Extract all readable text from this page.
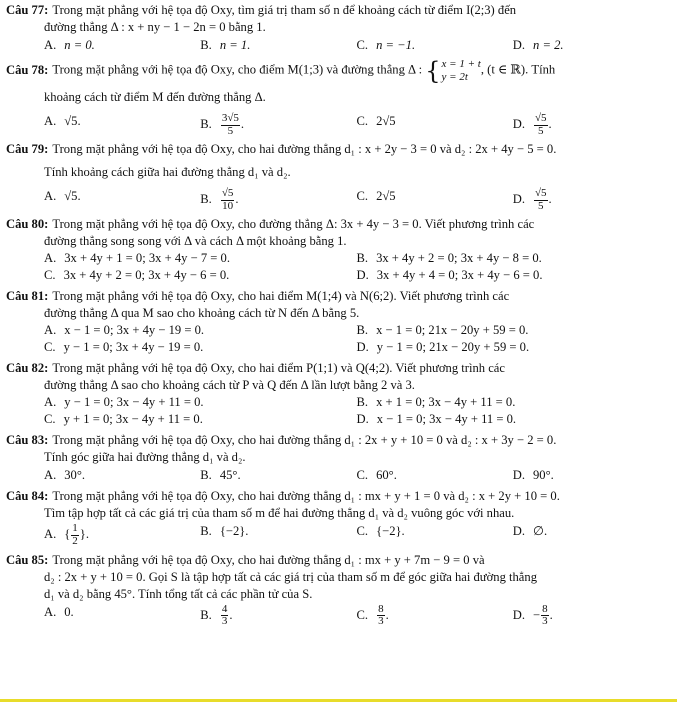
Câu 77: Trong mặt phẳng với hệ tọa độ Oxy, tìm giá trị tham số n để khoảng cách từ điểm I(2;3) đến
đường thẳng Δ : x + ny − 1 − 2n = 0 bằng 1.
A. n = 0.	B. n = 1.	C. n = −1.	D. n = 2.
Câu 78: Trong mặt phẳng với hệ tọa độ Oxy, cho điểm M(1;3) và đường thẳng Δ : { x = 1 + t
y = 2t
, (t ∈ ℝ). Tính
khoảng cách từ điểm M đến đường thẳng Δ.
A. √5.	B. $\frac{3√5}{5}$ .	C. 2√5	D. $\frac{√5}{5}$ .
Câu 79: Trong mặt phẳng với hệ tọa độ Oxy, cho hai đường thẳng d₁ : x + 2y − 3 = 0 và d₂ : 2x + 4y − 5 = 0.
Tính khoảng cách giữa hai đường thẳng d₁ và d₂.
A. √5.	B. $\frac{√5}{10}$ .	C. 2√5	D. $\frac{√5}{5}$ .
Câu 80: Trong mặt phẳng với hệ tọa độ Oxy, cho đường thẳng Δ: 3x + 4y − 3 = 0. Viết phương trình các
đường thẳng song song với Δ và cách Δ một khoảng bằng 1.
A. 3x + 4y + 1 = 0; 3x + 4y − 7 = 0.	B. 3x + 4y + 2 = 0; 3x + 4y − 8 = 0.
C. 3x + 4y + 2 = 0; 3x + 4y − 6 = 0.	D. 3x + 4y + 4 = 0; 3x + 4y − 6 = 0.
Câu 81: Trong mặt phẳng với hệ tọa độ Oxy, cho hai điểm M(1;4) và N(6;2). Viết phương trình các
đường thẳng Δ qua M sao cho khoảng cách từ N đến Δ bằng 5.
A. x − 1 = 0; 3x + 4y − 19 = 0.	B. x − 1 = 0; 21x − 20y + 59 = 0.
C. y − 1 = 0; 3x + 4y − 19 = 0.	D. y − 1 = 0; 21x − 20y + 59 = 0.
Câu 82: Trong mặt phẳng với hệ tọa độ Oxy, cho hai điểm P(1;1) và Q(4;2). Viết phương trình các
đường thẳng Δ sao cho khoảng cách từ P và Q đến Δ lần lượt bằng 2 và 3.
A. y − 1 = 0; 3x − 4y + 11 = 0.	B. x + 1 = 0; 3x − 4y + 11 = 0.
C. y + 1 = 0; 3x − 4y + 11 = 0.	D. x − 1 = 0; 3x − 4y + 11 = 0.
Câu 83: Trong mặt phẳng với hệ tọa độ Oxy, cho hai đường thẳng d₁ : 2x + y + 10 = 0 và d₂ : x + 3y − 2 = 0.
Tính góc giữa hai đường thẳng d₁ và d₂.
A. 30°.	B. 45°.	C. 60°.	D. 90°.
Câu 84: Trong mặt phẳng với hệ tọa độ Oxy, cho hai đường thẳng d₁ : mx + y + 1 = 0 và d₂ : x + 2y + 10 = 0.
Tìm tập hợp tất cả các giá trị của tham số m để hai đường thẳng d₁ và d₂ vuông góc với nhau.
A. { $\frac{1}{2}$ }.	B. {−2}.	C. {−2}.	D. ∅.
Câu 85: Trong mặt phẳng với hệ tọa độ Oxy, cho hai đường thẳng d₁ : mx + y + 7m − 9 = 0 và
d₂ : 2x + y + 10 = 0. Gọi S là tập hợp tất cả các giá trị của tham số m để góc giữa hai đường thẳng
d₁ và d₂ bằng 45°. Tính tổng tất cả các phần tử của S.
A. 0.	B. $\frac{4}{3}$ .	C. $\frac{8}{3}$ .	D. − $\frac{8}{3}$ .
